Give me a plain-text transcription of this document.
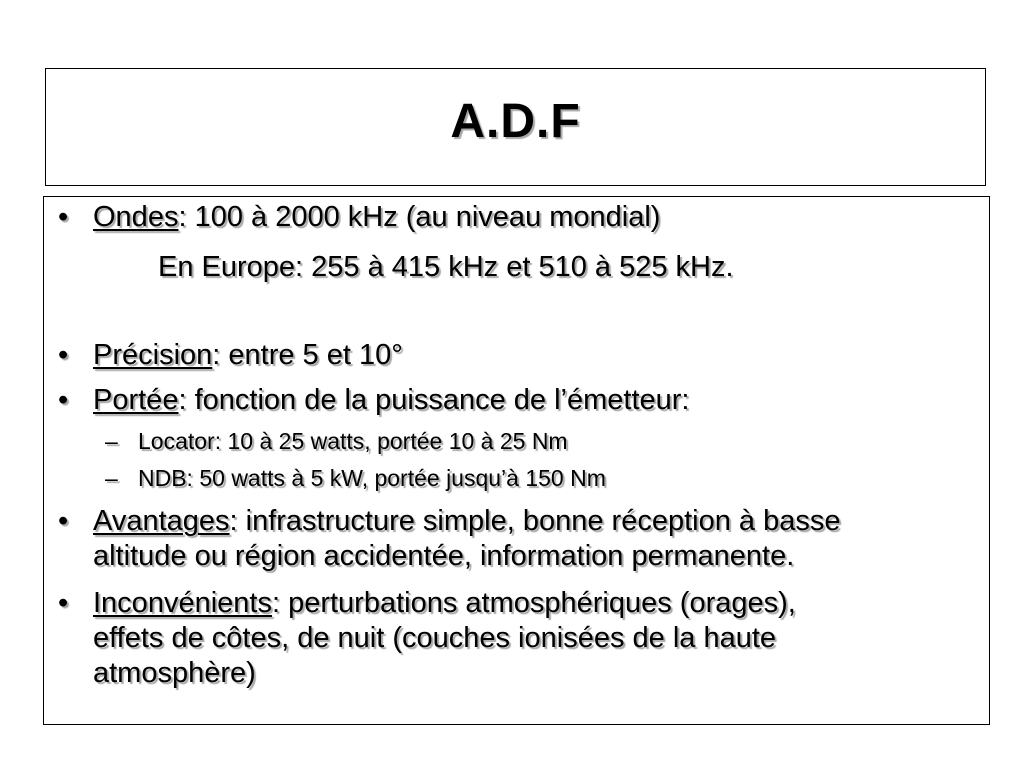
A.D.F
• Ondes: 100 à 2000 kHz (au niveau mondial)
En Europe: 255 à 415 kHz et 510 à 525 kHz.
• Précision: entre 5 et 10°
• Portée: fonction de la puissance de l’émetteur:
– Locator: 10 à 25 watts, portée 10 à 25 Nm
– NDB: 50 watts à 5 kW, portée jusqu’à 150 Nm
• Avantages: infrastructure simple, bonne réception à basse
altitude ou région accidentée, information permanente.
• Inconvénients: perturbations atmosphériques (orages),
effets de côtes, de nuit (couches ionisées de la haute
atmosphère)
